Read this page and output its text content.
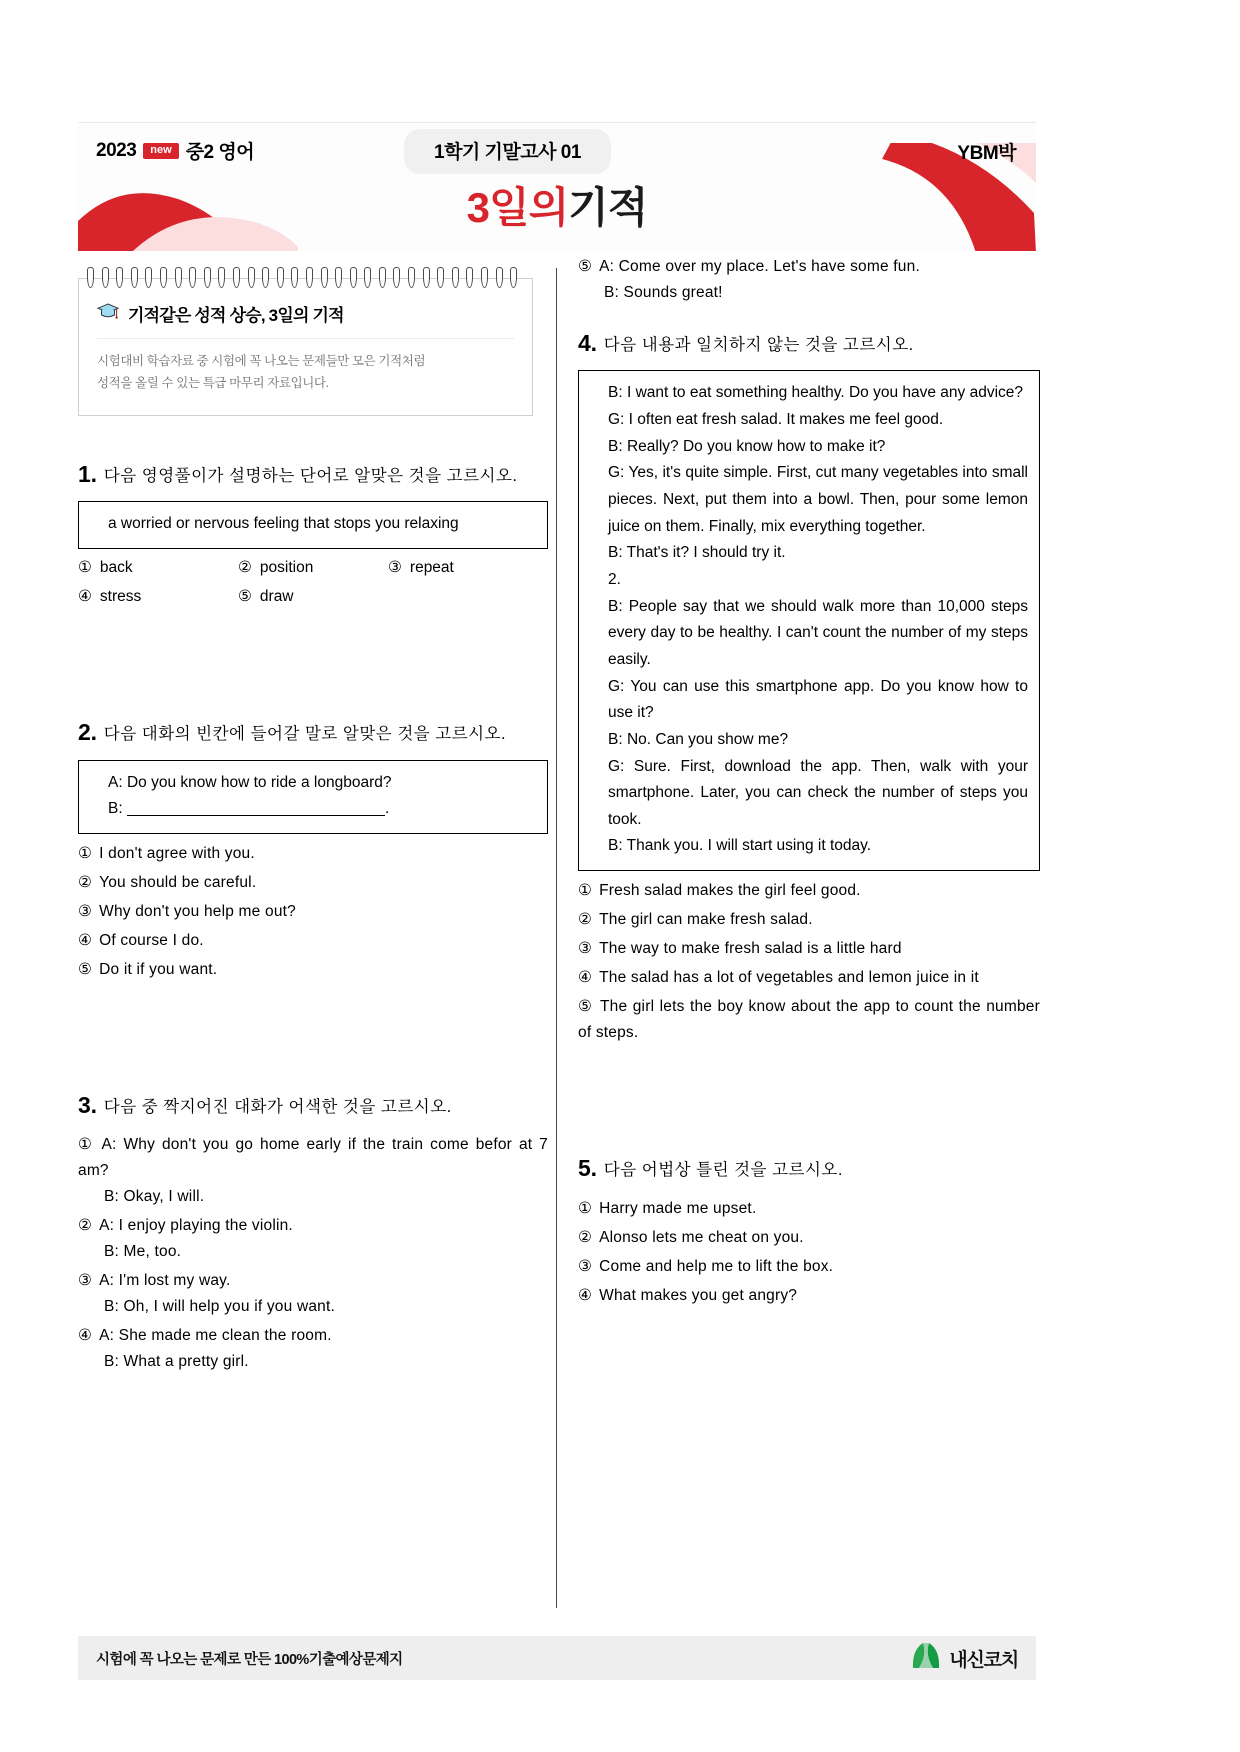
2023	new 중2 영어	1학기 기말고사 01	YBM박
3일의기적
기적같은 성적 상승, 3일의 기적
시험대비 학습자료 중 시험에 꼭 나오는 문제들만 모은 기적처럼
성적을 올릴 수 있는 특급 마무리 자료입니다.
1. 다음 영영풀이가 설명하는 단어로 알맞은 것을 고르시오.
a worried or nervous feeling that stops you relaxing
① back	② position	③ repeat
④ stress	⑤ draw
2. 다음 대화의 빈칸에 들어갈 말로 알맞은 것을 고르시오.
A: Do you know how to ride a longboard?
B:	.
① I don't agree with you.
② You should be careful.
③ Why don't you help me out?
④ Of course I do.
⑤ Do it if you want.
3. 다음 중 짝지어진 대화가 어색한 것을 고르시오.
① A: Why don't you go home early if the train come befor at 7 am?
B: Okay, I will.
② A: I enjoy playing the violin.
B: Me, too.
③ A: I'm lost my way.
B: Oh, I will help you if you want.
④ A: She made me clean the room.
B: What a pretty girl.
⑤ A: Come over my place. Let's have some fun.
B: Sounds great!
4. 다음 내용과 일치하지 않는 것을 고르시오.
B: I want to eat something healthy. Do you have any advice?
G: I often eat fresh salad. It makes me feel good.
B: Really? Do you know how to make it?
G: Yes, it's quite simple. First, cut many vegetables into small pieces. Next, put them into a bowl. Then, pour some lemon juice on them. Finally, mix everything together.
B: That's it? I should try it.
2.
B: People say that we should walk more than 10,000 steps every day to be healthy. I can't count the number of my steps easily.
G: You can use this smartphone app. Do you know how to use it?
B: No. Can you show me?
G: Sure. First, download the app. Then, walk with your smartphone. Later, you can check the number of steps you took.
B: Thank you. I will start using it today.
① Fresh salad makes the girl feel good.
② The girl can make fresh salad.
③ The way to make fresh salad is a little hard
④ The salad has a lot of vegetables and lemon juice in it
⑤ The girl lets the boy know about the app to count the number of steps.
5. 다음 어법상 틀린 것을 고르시오.
① Harry made me upset.
② Alonso lets me cheat on you.
③ Come and help me to lift the box.
④ What makes you get angry?
시험에 꼭 나오는 문제로 만든 100%기출예상문제지	내신코치
